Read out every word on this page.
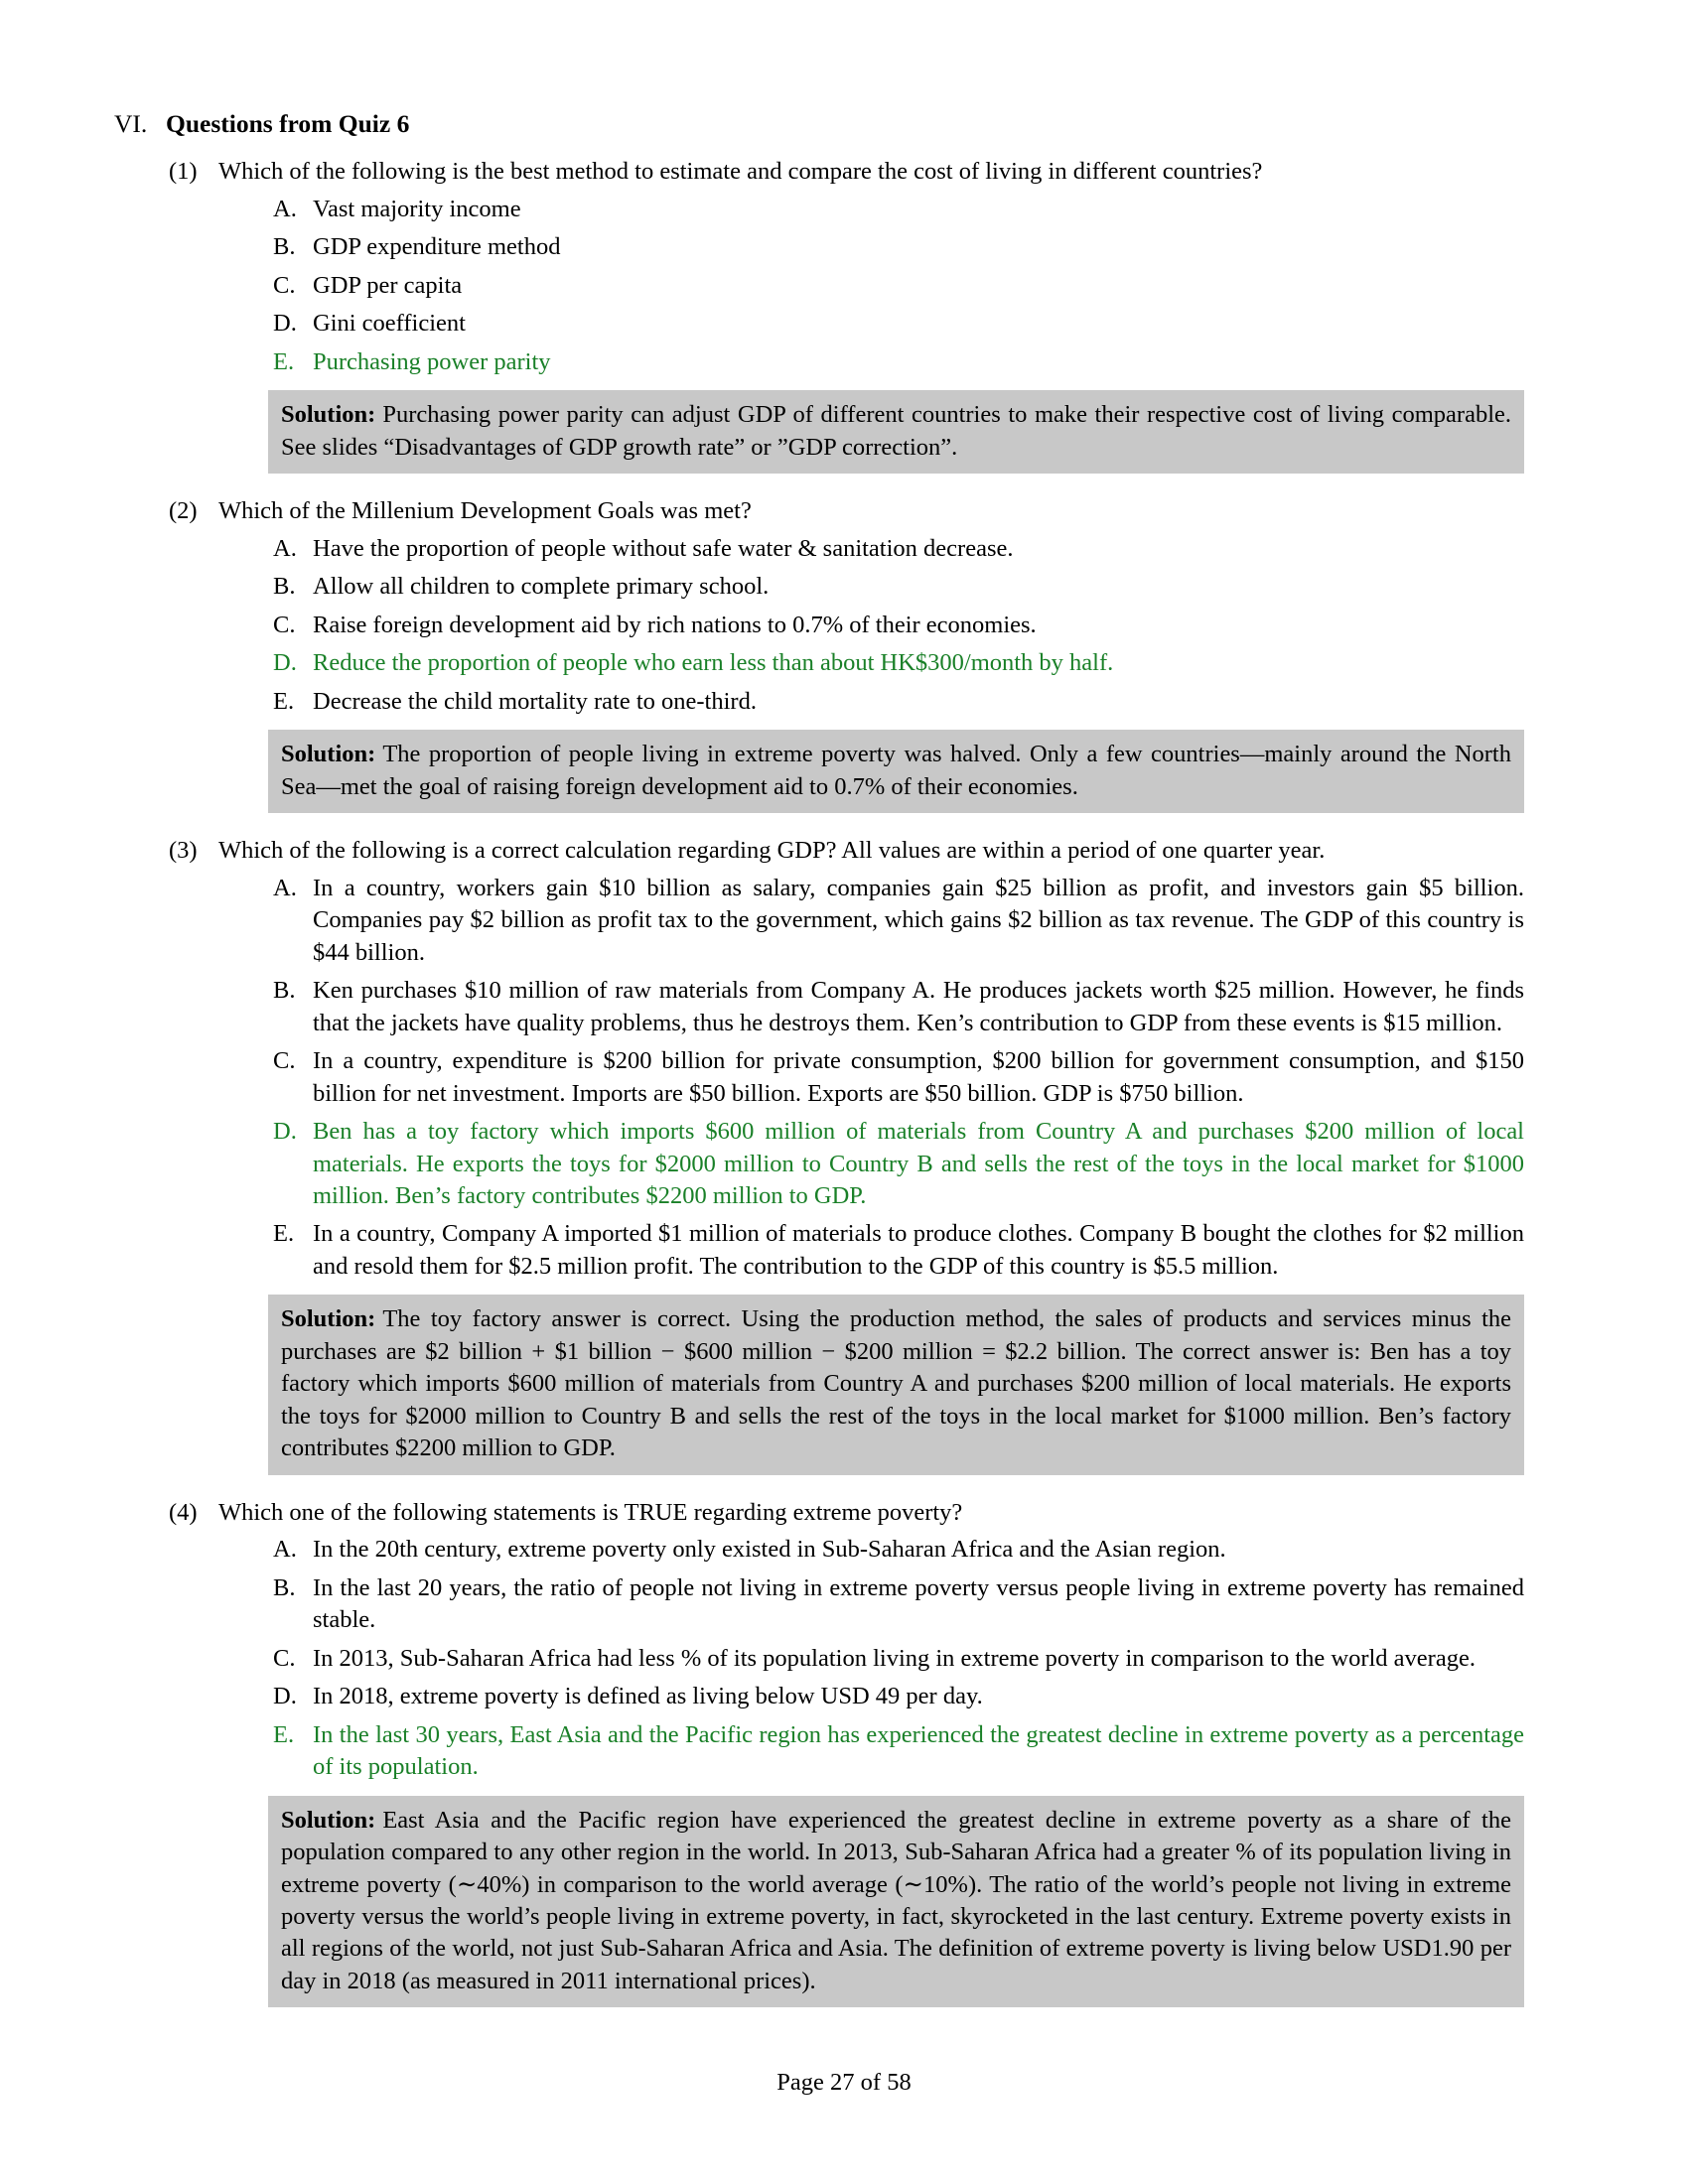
VI. Questions from Quiz 6
(1) Which of the following is the best method to estimate and compare the cost of living in different countries?
A. Vast majority income
B. GDP expenditure method
C. GDP per capita
D. Gini coefficient
E. Purchasing power parity
Solution: Purchasing power parity can adjust GDP of different countries to make their respective cost of living comparable. See slides “Disadvantages of GDP growth rate” or ”GDP correction”.
(2) Which of the Millenium Development Goals was met?
A. Have the proportion of people without safe water & sanitation decrease.
B. Allow all children to complete primary school.
C. Raise foreign development aid by rich nations to 0.7% of their economies.
D. Reduce the proportion of people who earn less than about HK$300/month by half.
E. Decrease the child mortality rate to one-third.
Solution: The proportion of people living in extreme poverty was halved. Only a few countries—mainly around the North Sea—met the goal of raising foreign development aid to 0.7% of their economies.
(3) Which of the following is a correct calculation regarding GDP? All values are within a period of one quarter year.
A. In a country, workers gain $10 billion as salary, companies gain $25 billion as profit, and investors gain $5 billion. Companies pay $2 billion as profit tax to the government, which gains $2 billion as tax revenue. The GDP of this country is $44 billion.
B. Ken purchases $10 million of raw materials from Company A. He produces jackets worth $25 million. However, he finds that the jackets have quality problems, thus he destroys them. Ken’s contribution to GDP from these events is $15 million.
C. In a country, expenditure is $200 billion for private consumption, $200 billion for government consumption, and $150 billion for net investment. Imports are $50 billion. Exports are $50 billion. GDP is $750 billion.
D. Ben has a toy factory which imports $600 million of materials from Country A and purchases $200 million of local materials. He exports the toys for $2000 million to Country B and sells the rest of the toys in the local market for $1000 million. Ben’s factory contributes $2200 million to GDP.
E. In a country, Company A imported $1 million of materials to produce clothes. Company B bought the clothes for $2 million and resold them for $2.5 million profit. The contribution to the GDP of this country is $5.5 million.
Solution: The toy factory answer is correct. Using the production method, the sales of products and services minus the purchases are $2 billion + $1 billion − $600 million − $200 million = $2.2 billion. The correct answer is: Ben has a toy factory which imports $600 million of materials from Country A and purchases $200 million of local materials. He exports the toys for $2000 million to Country B and sells the rest of the toys in the local market for $1000 million. Ben’s factory contributes $2200 million to GDP.
(4) Which one of the following statements is TRUE regarding extreme poverty?
A. In the 20th century, extreme poverty only existed in Sub-Saharan Africa and the Asian region.
B. In the last 20 years, the ratio of people not living in extreme poverty versus people living in extreme poverty has remained stable.
C. In 2013, Sub-Saharan Africa had less % of its population living in extreme poverty in comparison to the world average.
D. In 2018, extreme poverty is defined as living below USD 49 per day.
E. In the last 30 years, East Asia and the Pacific region has experienced the greatest decline in extreme poverty as a percentage of its population.
Solution: East Asia and the Pacific region have experienced the greatest decline in extreme poverty as a share of the population compared to any other region in the world. In 2013, Sub-Saharan Africa had a greater % of its population living in extreme poverty (∼40%) in comparison to the world average (∼10%). The ratio of the world’s people not living in extreme poverty versus the world’s people living in extreme poverty, in fact, skyrocketed in the last century. Extreme poverty exists in all regions of the world, not just Sub-Saharan Africa and Asia. The definition of extreme poverty is living below USD1.90 per day in 2018 (as measured in 2011 international prices).
Page 27 of 58
